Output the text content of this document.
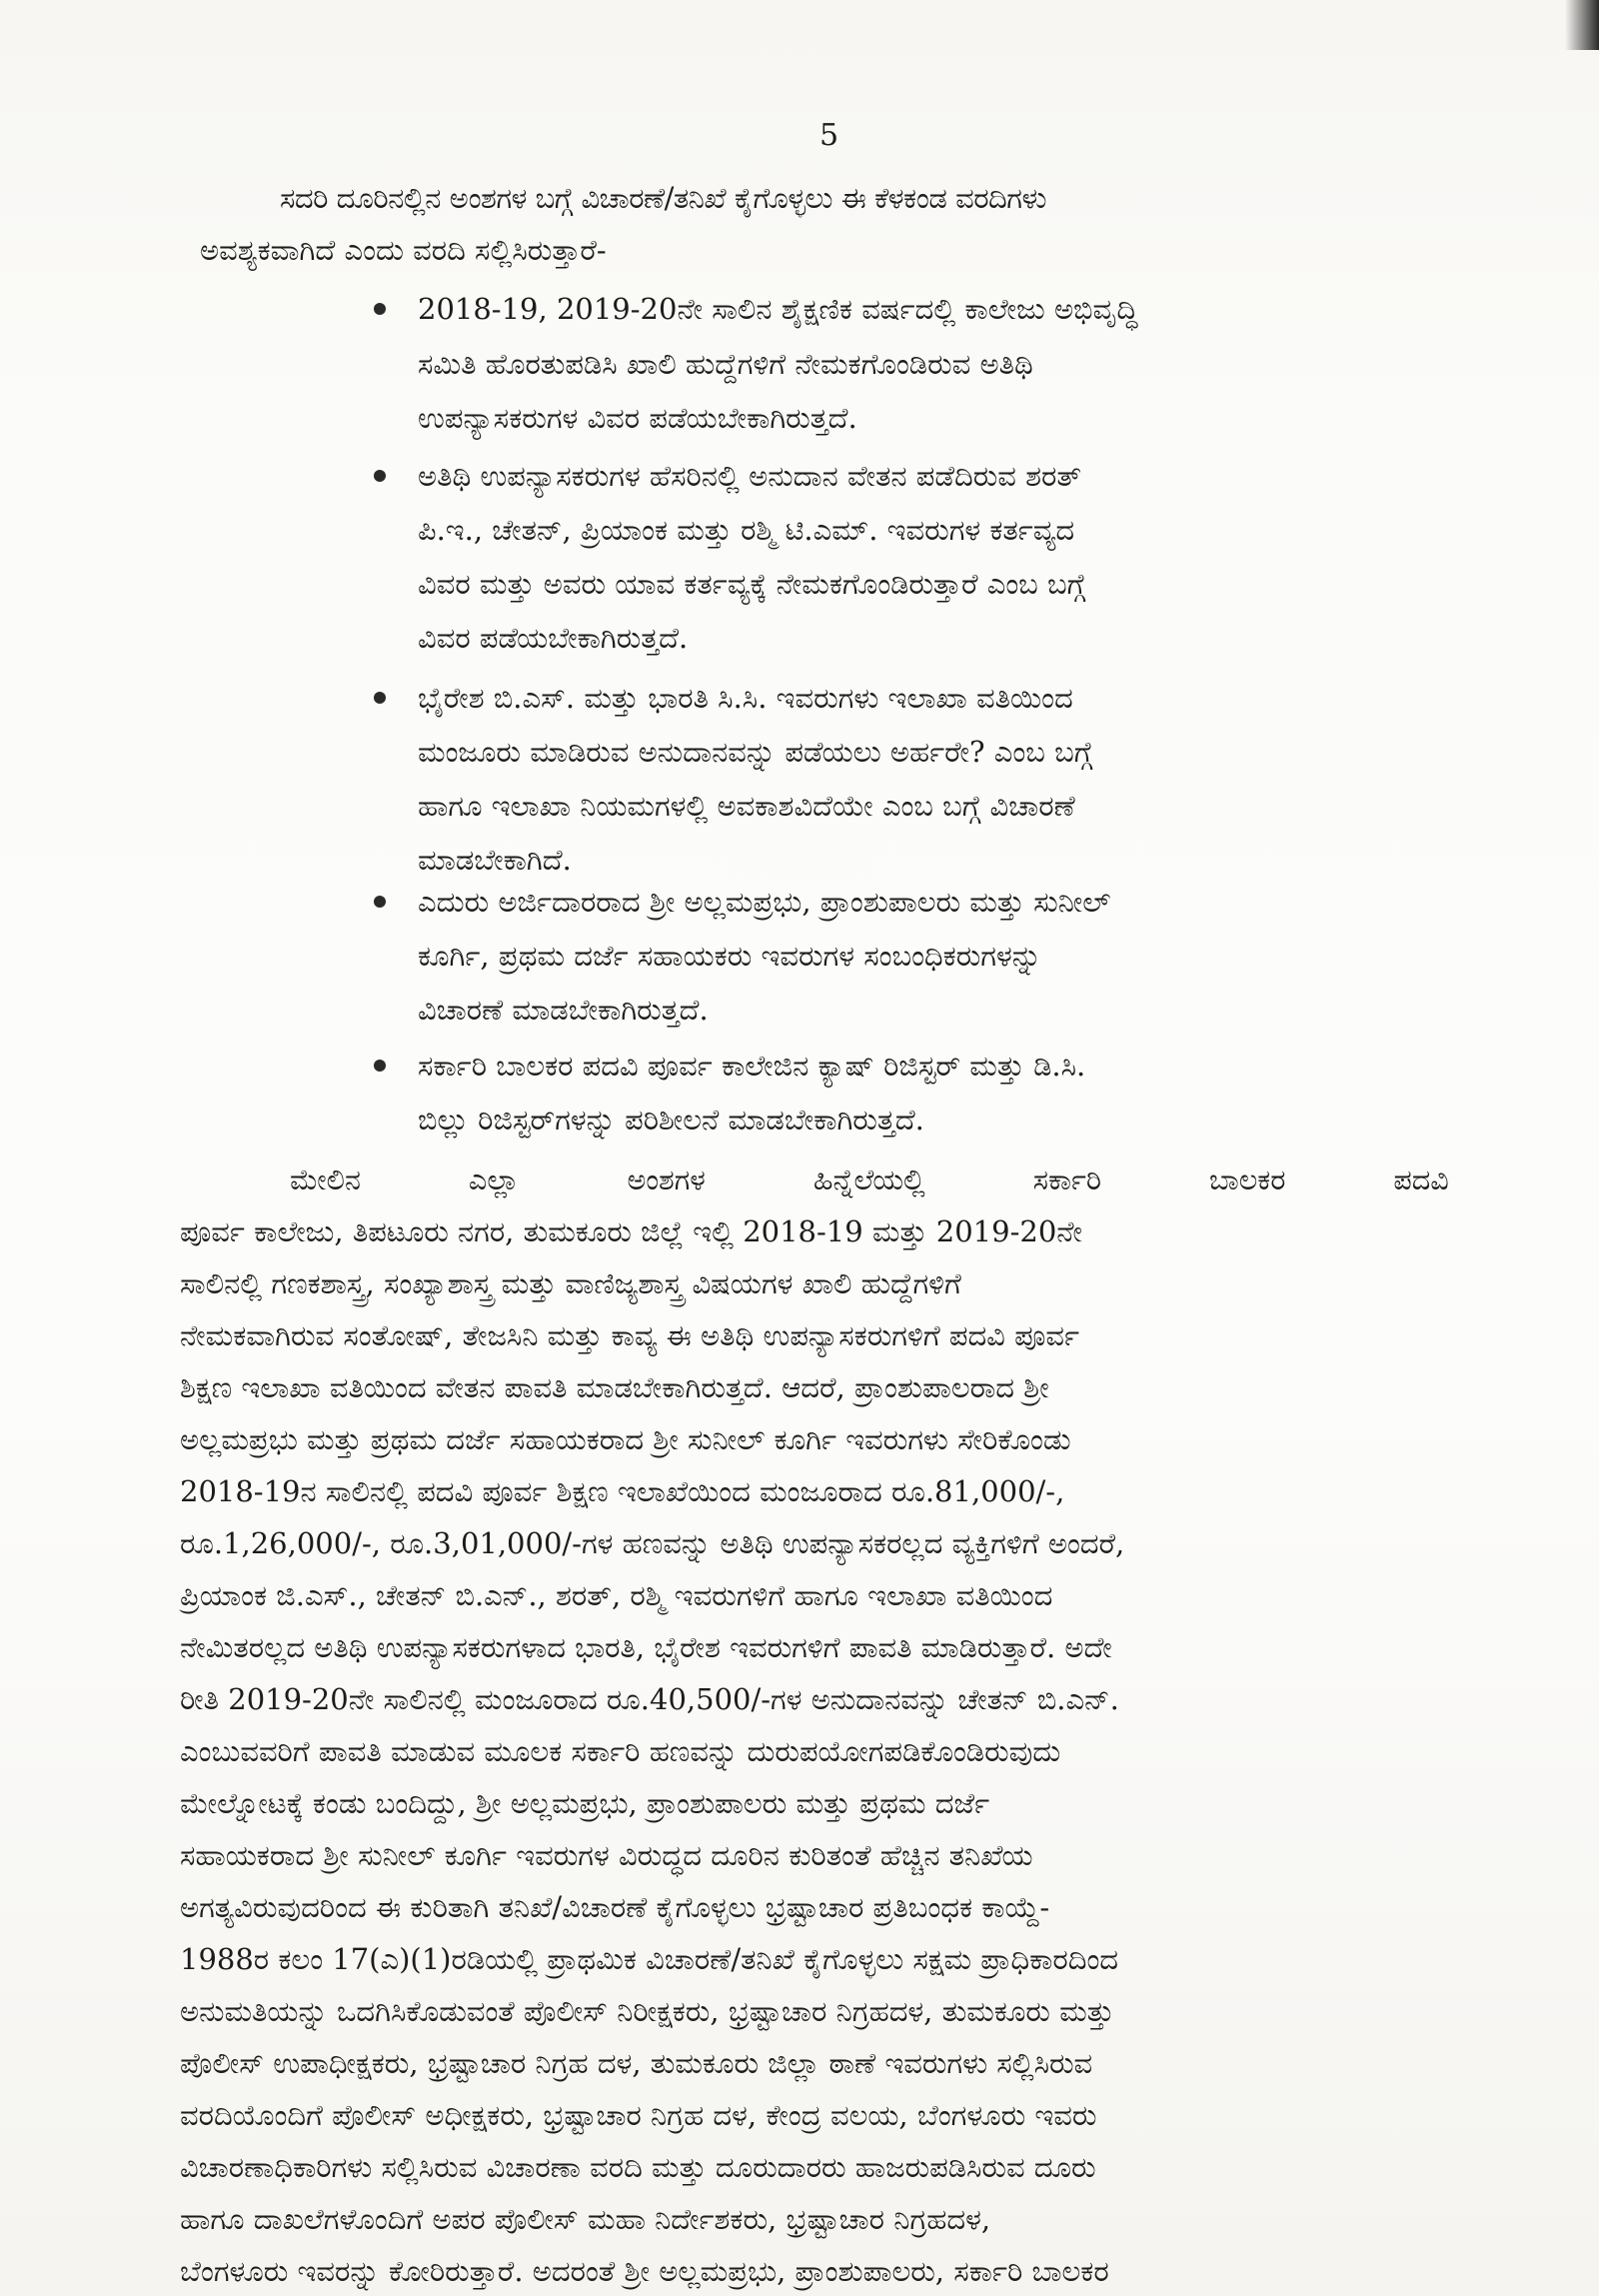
5
ಸದರಿ ದೂರಿನಲ್ಲಿನ ಅಂಶಗಳ ಬಗ್ಗೆ ವಿಚಾರಣೆ/ತನಿಖೆ ಕೈಗೊಳ್ಳಲು ಈ ಕೆಳಕಂಡ ವರದಿಗಳು
ಅವಶ್ಯಕವಾಗಿದೆ ಎಂದು ವರದಿ ಸಲ್ಲಿಸಿರುತ್ತಾರೆ-
2018-19, 2019-20ನೇ ಸಾಲಿನ ಶೈಕ್ಷಣಿಕ ವರ್ಷದಲ್ಲಿ ಕಾಲೇಜು ಅಭಿವೃದ್ಧಿ
ಸಮಿತಿ ಹೊರತುಪಡಿಸಿ ಖಾಲಿ ಹುದ್ದೆಗಳಿಗೆ ನೇಮಕಗೊಂಡಿರುವ ಅತಿಥಿ
ಉಪನ್ಯಾಸಕರುಗಳ ವಿವರ ಪಡೆಯಬೇಕಾಗಿರುತ್ತದೆ.
ಅತಿಥಿ ಉಪನ್ಯಾಸಕರುಗಳ ಹೆಸರಿನಲ್ಲಿ ಅನುದಾನ ವೇತನ ಪಡೆದಿರುವ ಶರತ್
ಪಿ.ಇ., ಚೇತನ್, ಪ್ರಿಯಾಂಕ ಮತ್ತು ರಶ್ಮಿ ಟಿ.ಎಮ್. ಇವರುಗಳ ಕರ್ತವ್ಯದ
ವಿವರ ಮತ್ತು ಅವರು ಯಾವ ಕರ್ತವ್ಯಕ್ಕೆ ನೇಮಕಗೊಂಡಿರುತ್ತಾರೆ ಎಂಬ ಬಗ್ಗೆ
ವಿವರ ಪಡೆಯಬೇಕಾಗಿರುತ್ತದೆ.
ಭೈರೇಶ ಬಿ.ಎಸ್. ಮತ್ತು ಭಾರತಿ ಸಿ.ಸಿ. ಇವರುಗಳು ಇಲಾಖಾ ವತಿಯಿಂದ
ಮಂಜೂರು ಮಾಡಿರುವ ಅನುದಾನವನ್ನು ಪಡೆಯಲು ಅರ್ಹರೇ? ಎಂಬ ಬಗ್ಗೆ
ಹಾಗೂ ಇಲಾಖಾ ನಿಯಮಗಳಲ್ಲಿ ಅವಕಾಶವಿದೆಯೇ ಎಂಬ ಬಗ್ಗೆ ವಿಚಾರಣೆ
ಮಾಡಬೇಕಾಗಿದೆ.
ಎದುರು ಅರ್ಜಿದಾರರಾದ ಶ್ರೀ ಅಲ್ಲಮಪ್ರಭು, ಪ್ರಾಂಶುಪಾಲರು ಮತ್ತು ಸುನೀಲ್
ಕೂರ್ಗಿ, ಪ್ರಥಮ ದರ್ಜೆ ಸಹಾಯಕರು ಇವರುಗಳ ಸಂಬಂಧಿಕರುಗಳನ್ನು
ವಿಚಾರಣೆ ಮಾಡಬೇಕಾಗಿರುತ್ತದೆ.
ಸರ್ಕಾರಿ ಬಾಲಕರ ಪದವಿ ಪೂರ್ವ ಕಾಲೇಜಿನ ಕ್ಯಾಷ್ ರಿಜಿಸ್ಟರ್ ಮತ್ತು ಡಿ.ಸಿ.
ಬಿಲ್ಲು ರಿಜಿಸ್ಟರ್‌ಗಳನ್ನು ಪರಿಶೀಲನೆ ಮಾಡಬೇಕಾಗಿರುತ್ತದೆ.
ಮೇಲಿನ ಎಲ್ಲಾ ಅಂಶಗಳ ಹಿನ್ನೆಲೆಯಲ್ಲಿ ಸರ್ಕಾರಿ ಬಾಲಕರ ಪದವಿ
ಪೂರ್ವ ಕಾಲೇಜು, ತಿಪಟೂರು ನಗರ, ತುಮಕೂರು ಜಿಲ್ಲೆ ಇಲ್ಲಿ 2018-19 ಮತ್ತು 2019-20ನೇ
ಸಾಲಿನಲ್ಲಿ ಗಣಕಶಾಸ್ತ್ರ, ಸಂಖ್ಯಾಶಾಸ್ತ್ರ ಮತ್ತು ವಾಣಿಜ್ಯಶಾಸ್ತ್ರ ವಿಷಯಗಳ ಖಾಲಿ ಹುದ್ದೆಗಳಿಗೆ
ನೇಮಕವಾಗಿರುವ ಸಂತೋಷ್, ತೇಜಸಿನಿ ಮತ್ತು ಕಾವ್ಯ ಈ ಅತಿಥಿ ಉಪನ್ಯಾಸಕರುಗಳಿಗೆ ಪದವಿ ಪೂರ್ವ
ಶಿಕ್ಷಣ ಇಲಾಖಾ ವತಿಯಿಂದ ವೇತನ ಪಾವತಿ ಮಾಡಬೇಕಾಗಿರುತ್ತದೆ. ಆದರೆ, ಪ್ರಾಂಶುಪಾಲರಾದ ಶ್ರೀ
ಅಲ್ಲಮಪ್ರಭು ಮತ್ತು ಪ್ರಥಮ ದರ್ಜೆ ಸಹಾಯಕರಾದ ಶ್ರೀ ಸುನೀಲ್ ಕೂರ್ಗಿ ಇವರುಗಳು ಸೇರಿಕೊಂಡು
2018-19ನ ಸಾಲಿನಲ್ಲಿ ಪದವಿ ಪೂರ್ವ ಶಿಕ್ಷಣ ಇಲಾಖೆಯಿಂದ ಮಂಜೂರಾದ ರೂ.81,000/-,
ರೂ.1,26,000/-, ರೂ.3,01,000/-ಗಳ ಹಣವನ್ನು ಅತಿಥಿ ಉಪನ್ಯಾಸಕರಲ್ಲದ ವ್ಯಕ್ತಿಗಳಿಗೆ ಅಂದರೆ,
ಪ್ರಿಯಾಂಕ ಜಿ.ಎಸ್., ಚೇತನ್ ಬಿ.ಎನ್., ಶರತ್, ರಶ್ಮಿ ಇವರುಗಳಿಗೆ ಹಾಗೂ ಇಲಾಖಾ ವತಿಯಿಂದ
ನೇಮಿತರಲ್ಲದ ಅತಿಥಿ ಉಪನ್ಯಾಸಕರುಗಳಾದ ಭಾರತಿ, ಭೈರೇಶ ಇವರುಗಳಿಗೆ ಪಾವತಿ ಮಾಡಿರುತ್ತಾರೆ. ಅದೇ
ರೀತಿ 2019-20ನೇ ಸಾಲಿನಲ್ಲಿ ಮಂಜೂರಾದ ರೂ.40,500/-ಗಳ ಅನುದಾನವನ್ನು ಚೇತನ್ ಬಿ.ಎನ್.
ಎಂಬುವವರಿಗೆ ಪಾವತಿ ಮಾಡುವ ಮೂಲಕ ಸರ್ಕಾರಿ ಹಣವನ್ನು ದುರುಪಯೋಗಪಡಿಕೊಂಡಿರುವುದು
ಮೇಲ್ನೋಟಕ್ಕೆ ಕಂಡು ಬಂದಿದ್ದು, ಶ್ರೀ ಅಲ್ಲಮಪ್ರಭು, ಪ್ರಾಂಶುಪಾಲರು ಮತ್ತು ಪ್ರಥಮ ದರ್ಜೆ
ಸಹಾಯಕರಾದ ಶ್ರೀ ಸುನೀಲ್ ಕೂರ್ಗಿ ಇವರುಗಳ ವಿರುದ್ಧದ ದೂರಿನ ಕುರಿತಂತೆ ಹೆಚ್ಚಿನ ತನಿಖೆಯ
ಅಗತ್ಯವಿರುವುದರಿಂದ ಈ ಕುರಿತಾಗಿ ತನಿಖೆ/ವಿಚಾರಣೆ ಕೈಗೊಳ್ಳಲು ಭ್ರಷ್ಟಾಚಾರ ಪ್ರತಿಬಂಧಕ ಕಾಯ್ದೆ-
1988ರ ಕಲಂ 17(ಎ)(1)ರಡಿಯಲ್ಲಿ ಪ್ರಾಥಮಿಕ ವಿಚಾರಣೆ/ತನಿಖೆ ಕೈಗೊಳ್ಳಲು ಸಕ್ಷಮ ಪ್ರಾಧಿಕಾರದಿಂದ
ಅನುಮತಿಯನ್ನು ಒದಗಿಸಿಕೊಡುವಂತೆ ಪೊಲೀಸ್ ನಿರೀಕ್ಷಕರು, ಭ್ರಷ್ಟಾಚಾರ ನಿಗ್ರಹದಳ, ತುಮಕೂರು ಮತ್ತು
ಪೊಲೀಸ್ ಉಪಾಧೀಕ್ಷಕರು, ಭ್ರಷ್ಟಾಚಾರ ನಿಗ್ರಹ ದಳ, ತುಮಕೂರು ಜಿಲ್ಲಾ ಠಾಣೆ ಇವರುಗಳು ಸಲ್ಲಿಸಿರುವ
ವರದಿಯೊಂದಿಗೆ ಪೊಲೀಸ್ ಅಧೀಕ್ಷಕರು, ಭ್ರಷ್ಟಾಚಾರ ನಿಗ್ರಹ ದಳ, ಕೇಂದ್ರ ವಲಯ, ಬೆಂಗಳೂರು ಇವರು
ವಿಚಾರಣಾಧಿಕಾರಿಗಳು ಸಲ್ಲಿಸಿರುವ ವಿಚಾರಣಾ ವರದಿ ಮತ್ತು ದೂರುದಾರರು ಹಾಜರುಪಡಿಸಿರುವ ದೂರು
ಹಾಗೂ ದಾಖಲೆಗಳೊಂದಿಗೆ ಅಪರ ಪೊಲೀಸ್ ಮಹಾ ನಿರ್ದೇಶಕರು, ಭ್ರಷ್ಟಾಚಾರ ನಿಗ್ರಹದಳ,
ಬೆಂಗಳೂರು ಇವರನ್ನು ಕೋರಿರುತ್ತಾರೆ. ಅದರಂತೆ ಶ್ರೀ ಅಲ್ಲಮಪ್ರಭು, ಪ್ರಾಂಶುಪಾಲರು, ಸರ್ಕಾರಿ ಬಾಲಕರ
